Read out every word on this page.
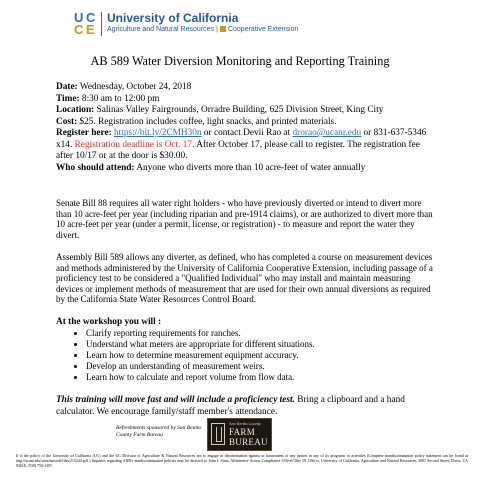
U C
C E
University of California
Agriculture and Natural Resources | Cooperative Extension
AB 589 Water Diversion Monitoring and Reporting Training
Date: Wednesday, October 24, 2018
Time: 8:30 am to 12:00 pm
Location: Salinas Valley Fairgrounds, Orradre Building, 625 Division Street, King City
Cost: $25. Registration includes coffee, light snacks, and printed materials.
Register here: https://bit.ly/2CMH30n or contact Devii Rao at drorao@ucanr.edu or 831-637-5346 x14. Registration deadline is Oct. 17. After October 17, please call to register. The registration fee after 10/17 or at the door is $30.00.
Who should attend: Anyone who diverts more than 10 acre-feet of water annually
Senate Bill 88 requires all water right holders - who have previously diverted or intend to divert more than 10 acre-feet per year (including riparian and pre-1914 claims), or are authorized to divert more than 10 acre-feet per year (under a permit, license, or registration) - to measure and report the water they divert.
Assembly Bill 589 allows any diverter, as defined, who has completed a course on measurement devices and methods administered by the University of California Cooperative Extension, including passage of a proficiency test to be considered a "Qualified Individual" who may install and maintain measuring devices or implement methods of measurement that are used for their own annual diversions as required by the California State Water Resources Control Board.
At the workshop you will :
• Clarify reporting requirements for ranches.
• Understand what meters are appropriate for different situations.
• Learn how to determine measurement equipment accuracy.
• Develop an understanding of measurement weirs.
• Learn how to calculate and report volume from flow data.
This training will move fast and will include a proficiency test. Bring a clipboard and a hand calculator. We encourage family/staff member's attendance.
Refreshments sponsored by San Benito
County Farm Bureau
San Benito County
FARM
BUREAU
It is the policy of the University of California (UC) and the UC Division of Agriculture & Natural Resources not to engage in discrimination against or harassment of any person in any of its programs or activities (Complete nondiscrimination policy statement can be found at http://ucanr.edu/sites/anrstaff/files/215244.pdf ) Inquiries regarding ANR's nondiscrimination policies may be directed to John I. Sims, Affirmative Action Compliance Officer/Title IX Officer, University of California, Agriculture and Natural Resources, 2801 Second Street, Davis, CA 95618, (530) 750-1397.
